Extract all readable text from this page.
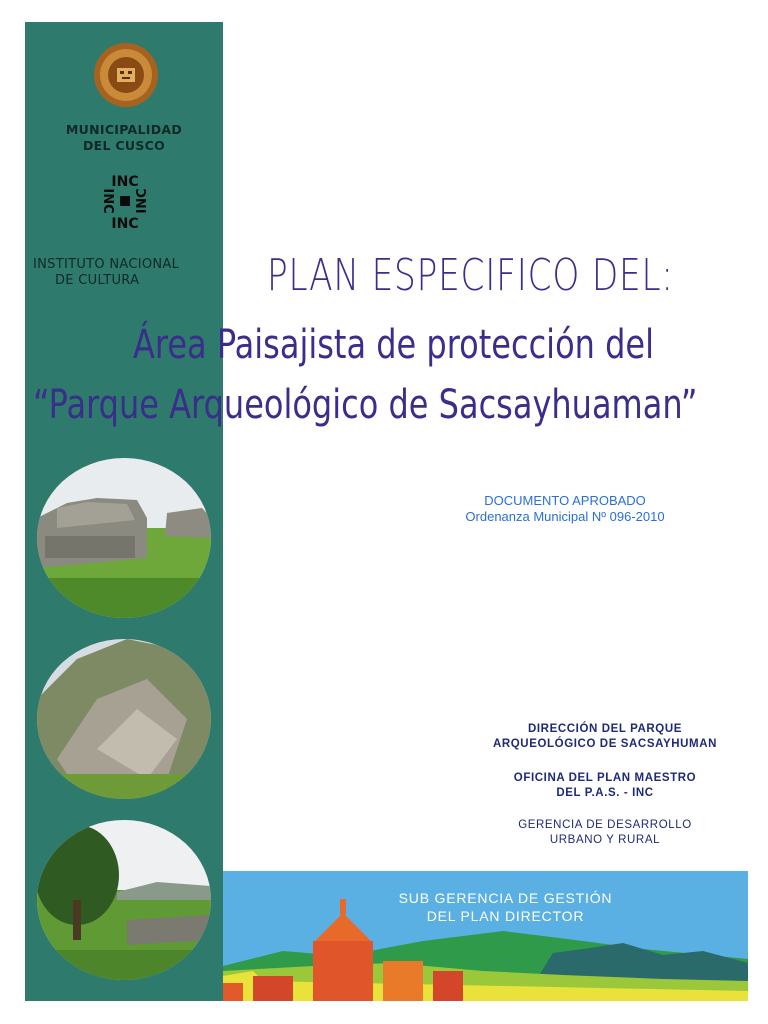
MUNICIPALIDAD
DEL CUSCO
INC
INC
INC INC
INSTITUTO NACIONAL
DE CULTURA	PLAN ESPECIFICO DEL:
Área Paisajista de protección del
“Parque Arqueológico de Sacsayhuaman”
DOCUMENTO APROBADO
Ordenanza Municipal Nº 096-2010
DIRECCIÓN DEL PARQUE
ARQUEOLÓGICO DE SACSAYHUMAN
OFICINA DEL PLAN MAESTRO
DEL P.A.S. - INC
GERENCIA DE DESARROLLO
URBANO Y RURAL
SUB GERENCIA DE GESTIÓN
DEL PLAN DIRECTOR
